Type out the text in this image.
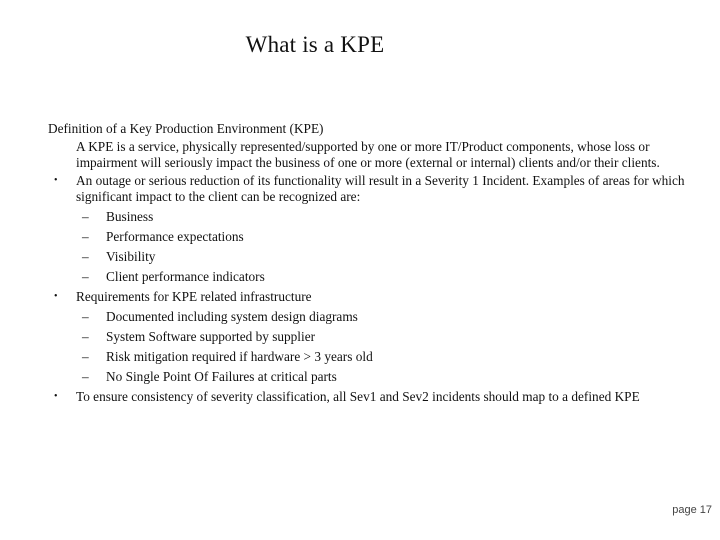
What is a KPE

Definition of a Key Production Environment (KPE)

A KPE is a service, physically represented/supported by one or more IT/Product components, whose loss or impairment will seriously impact the business of one or more (external or internal) clients and/or their clients.

• An outage or serious reduction of its functionality will result in a Severity 1 Incident. Examples of areas for which significant impact to the client can be recognized are:

– Business

– Performance expectations

– Visibility

– Client performance indicators

• Requirements for KPE related infrastructure

– Documented including system design diagrams

– System Software supported by supplier

– Risk mitigation required if hardware > 3 years old

– No Single Point Of Failures at critical parts

• To ensure consistency of severity classification, all Sev1 and Sev2 incidents should map to a defined KPE

page 17
